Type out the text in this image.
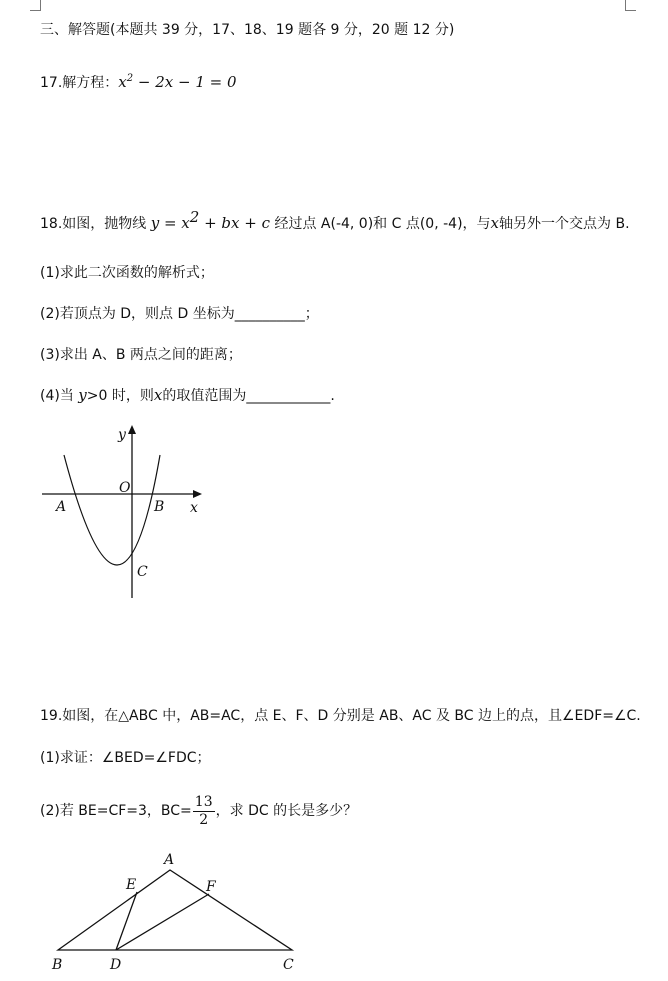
三、解答题(本题共 39 分，17、18、19 题各 9 分，20 题 12 分)
17.解方程：$x^2 - 2x - 1 = 0$
18.如图，抛物线 $y = x^2$ + bx + c 经过点 A(-4, 0)和 C 点(0, -4)，与x轴另外一个交点为 B.
(1)求此二次函数的解析式；
(2)若顶点为 D，则点 D 坐标为__________；
(3)求出 A、B 两点之间的距离；
(4)当 y>0 时，则x的取值范围为____________.
y
x
O
A	B
C
19.如图，在△ABC 中，AB=AC，点 E、F、D 分别是 AB、AC 及 BC 边上的点，且∠EDF=∠C.
(1)求证：∠BED=∠FDC；
(2)若 BE=CF=3，$BC= \frac{13}{2}$ ，求 DC 的长是多少？
A
B	C
D
E	F
